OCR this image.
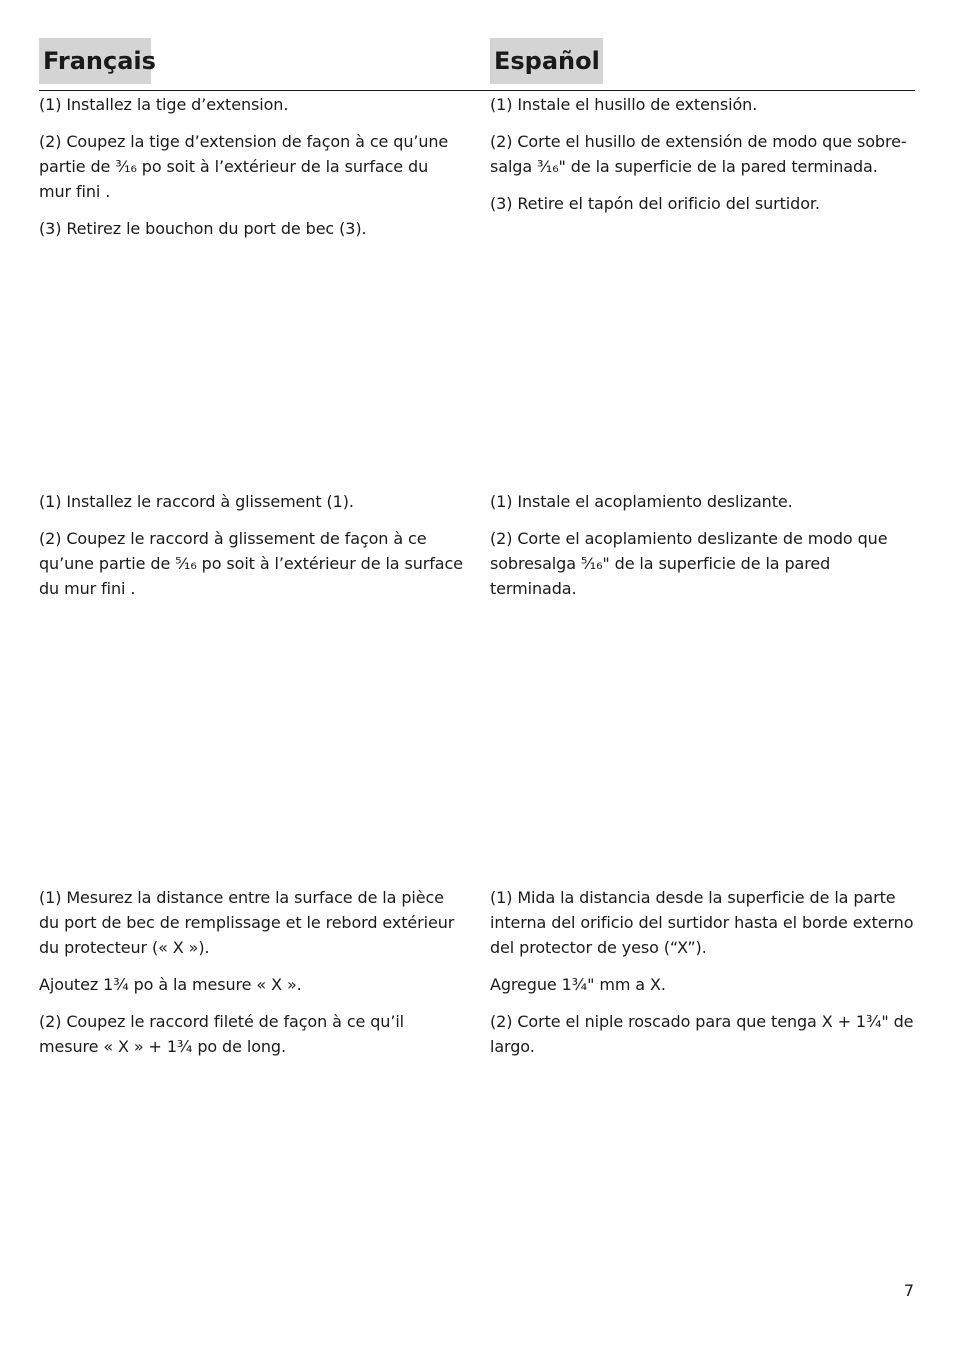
Français	Español

(1) Installez la tige d’extension.

(2) Coupez la tige d’extension de façon à ce qu’une partie de ³⁄₁₆ po soit à l’extérieur de la surface du mur fini .

(3) Retirez le bouchon du port de bec (3).

(1) Instale el husillo de extensión.

(2) Corte el husillo de extensión de modo que sobre-salga ³⁄₁₆" de la superficie de la pared terminada.

(3) Retire el tapón del orificio del surtidor.

(1) Installez le raccord à glissement (1).

(2) Coupez le raccord à glissement de façon à ce qu’une partie de ⁵⁄₁₆ po soit à l’extérieur de la surface du mur fini .

(1) Instale el acoplamiento deslizante.

(2) Corte el acoplamiento deslizante de modo que sobresalga ⁵⁄₁₆" de la superficie de la pared terminada.

(1) Mesurez la distance entre la surface de la pièce du port de bec de remplissage et le rebord extérieur du protecteur (« X »).

Ajoutez 1¾ po à la mesure « X ».

(2) Coupez le raccord fileté de façon à ce qu’il mesure « X » + 1¾ po de long.

(1) Mida la distancia desde la superficie de la parte interna del orificio del surtidor hasta el borde externo del protector de yeso (“X”).

Agregue 1¾" mm a X.

(2) Corte el niple roscado para que tenga X + 1¾" de largo.

7
